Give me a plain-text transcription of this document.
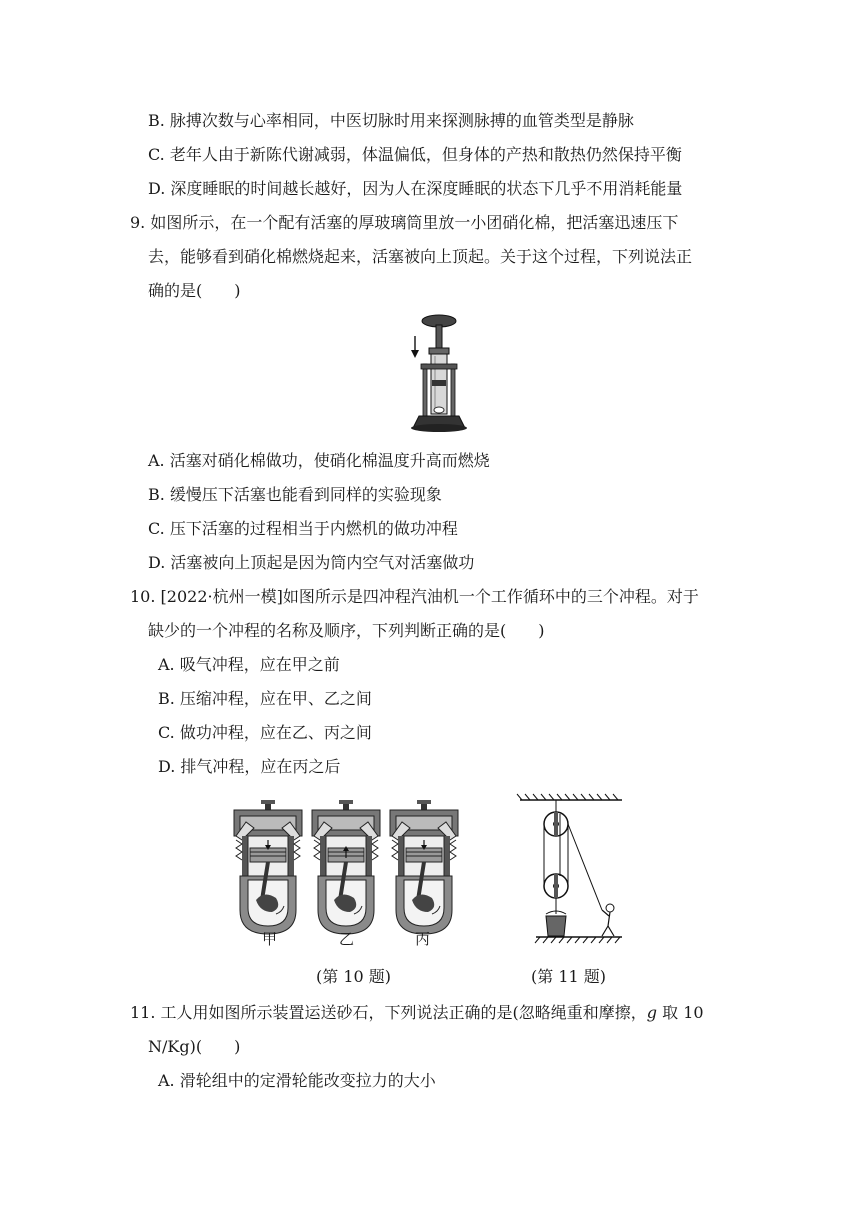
B. 脉搏次数与心率相同，中医切脉时用来探测脉搏的血管类型是静脉
C. 老年人由于新陈代谢减弱，体温偏低，但身体的产热和散热仍然保持平衡
D. 深度睡眠的时间越长越好，因为人在深度睡眠的状态下几乎不用消耗能量
9. 如图所示，在一个配有活塞的厚玻璃筒里放一小团硝化棉，把活塞迅速压下
去，能够看到硝化棉燃烧起来，活塞被向上顶起。关于这个过程，下列说法正
确的是(　　)
A. 活塞对硝化棉做功，使硝化棉温度升高而燃烧
B. 缓慢压下活塞也能看到同样的实验现象
C. 压下活塞的过程相当于内燃机的做功冲程
D. 活塞被向上顶起是因为筒内空气对活塞做功
10. [2022·杭州一模]如图所示是四冲程汽油机一个工作循环中的三个冲程。对于
缺少的一个冲程的名称及顺序，下列判断正确的是(　　)
A. 吸气冲程，应在甲之前
B. 压缩冲程，应在甲、乙之间
C. 做功冲程，应在乙、丙之间
D. 排气冲程，应在丙之后
甲	乙	丙
(第 10 题)	(第 11 题)
11. 工人用如图所示装置运送砂石，下列说法正确的是(忽略绳重和摩擦，g 取 10
N/Kg)(　　)
A. 滑轮组中的定滑轮能改变拉力的大小
